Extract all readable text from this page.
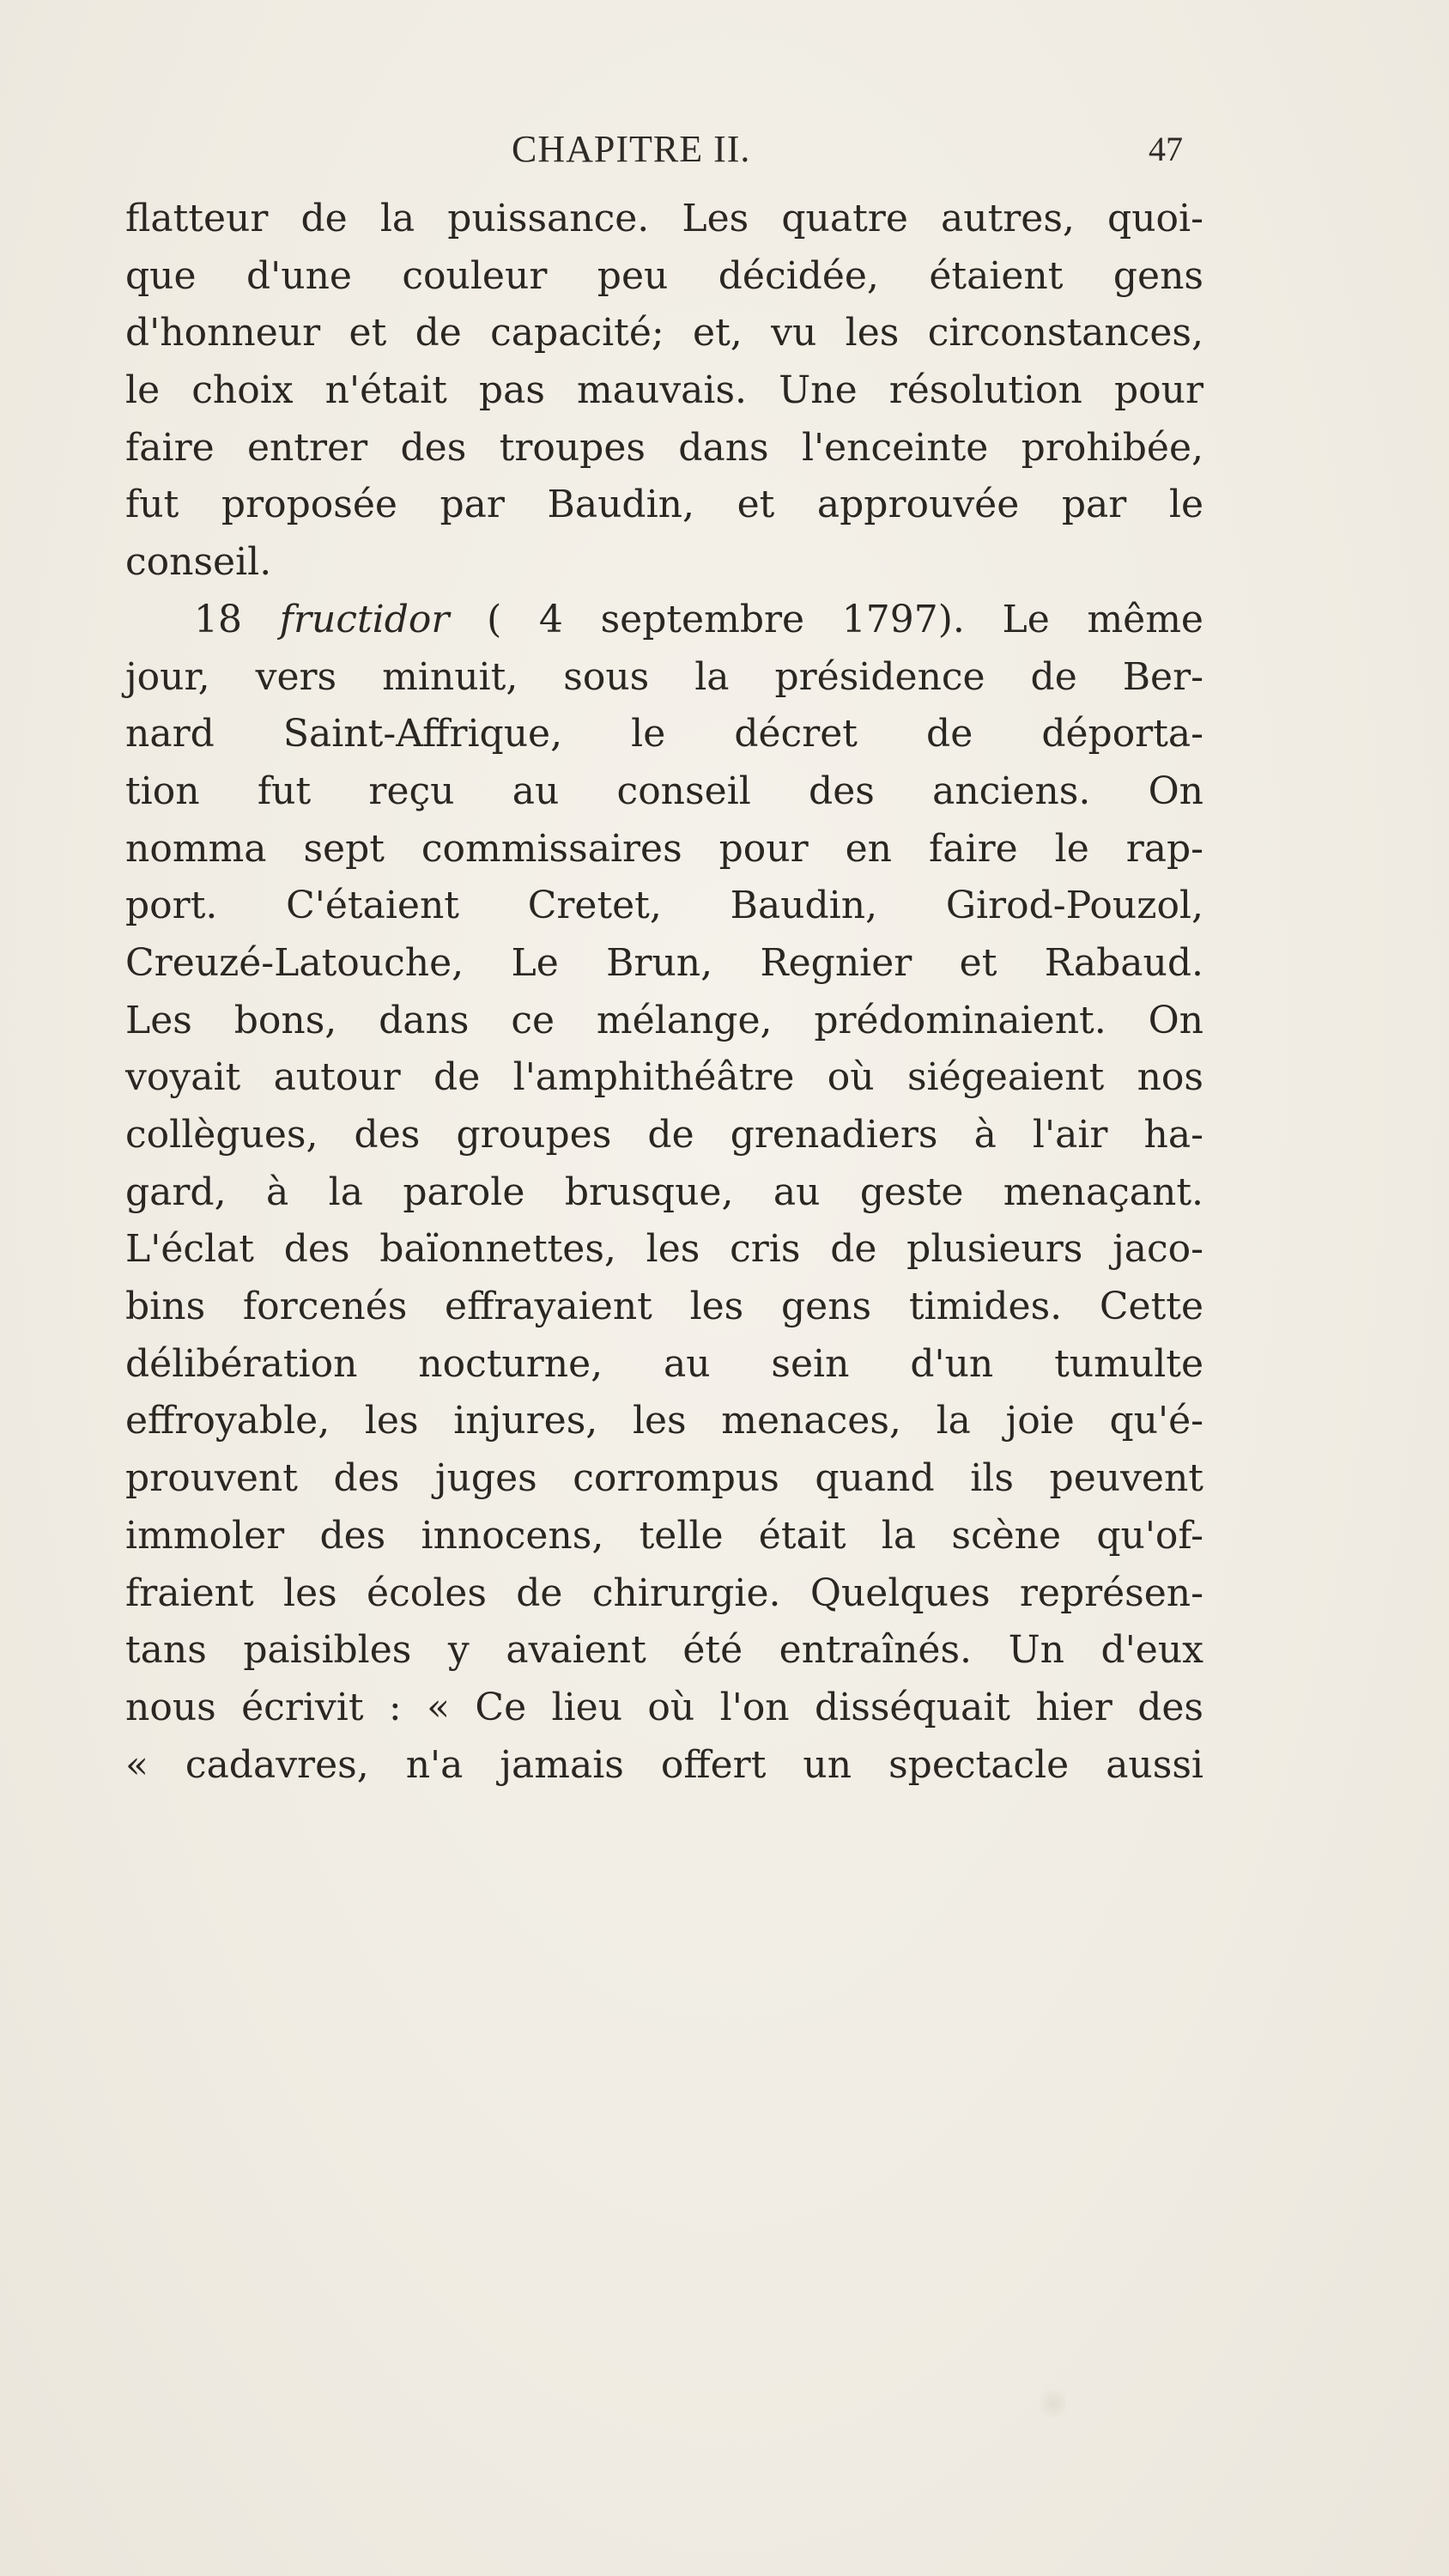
CHAPITRE II.	47
flatteur de la puissance. Les quatre autres, quoi-
que d'une couleur peu décidée, étaient gens
d'honneur et de capacité; et, vu les circonstances,
le choix n'était pas mauvais. Une résolution pour
faire entrer des troupes dans l'enceinte prohibée,
fut proposée par Baudin, et approuvée par le
conseil.
18 fructidor ( 4 septembre 1797). Le même
jour, vers minuit, sous la présidence de Ber-
nard Saint-Affrique, le décret de déporta-
tion fut reçu au conseil des anciens. On
nomma sept commissaires pour en faire le rap-
port. C'étaient Cretet, Baudin, Girod-Pouzol,
Creuzé-Latouche, Le Brun, Regnier et Rabaud.
Les bons, dans ce mélange, prédominaient. On
voyait autour de l'amphithéâtre où siégeaient nos
collègues, des groupes de grenadiers à l'air ha-
gard, à la parole brusque, au geste menaçant.
L'éclat des baïonnettes, les cris de plusieurs jaco-
bins forcenés effrayaient les gens timides. Cette
délibération nocturne, au sein d'un tumulte
effroyable, les injures, les menaces, la joie qu'é-
prouvent des juges corrompus quand ils peuvent
immoler des innocens, telle était la scène qu'of-
fraient les écoles de chirurgie. Quelques représen-
tans paisibles y avaient été entraînés. Un d'eux
nous écrivit : « Ce lieu où l'on disséquait hier des
« cadavres, n'a jamais offert un spectacle aussi
